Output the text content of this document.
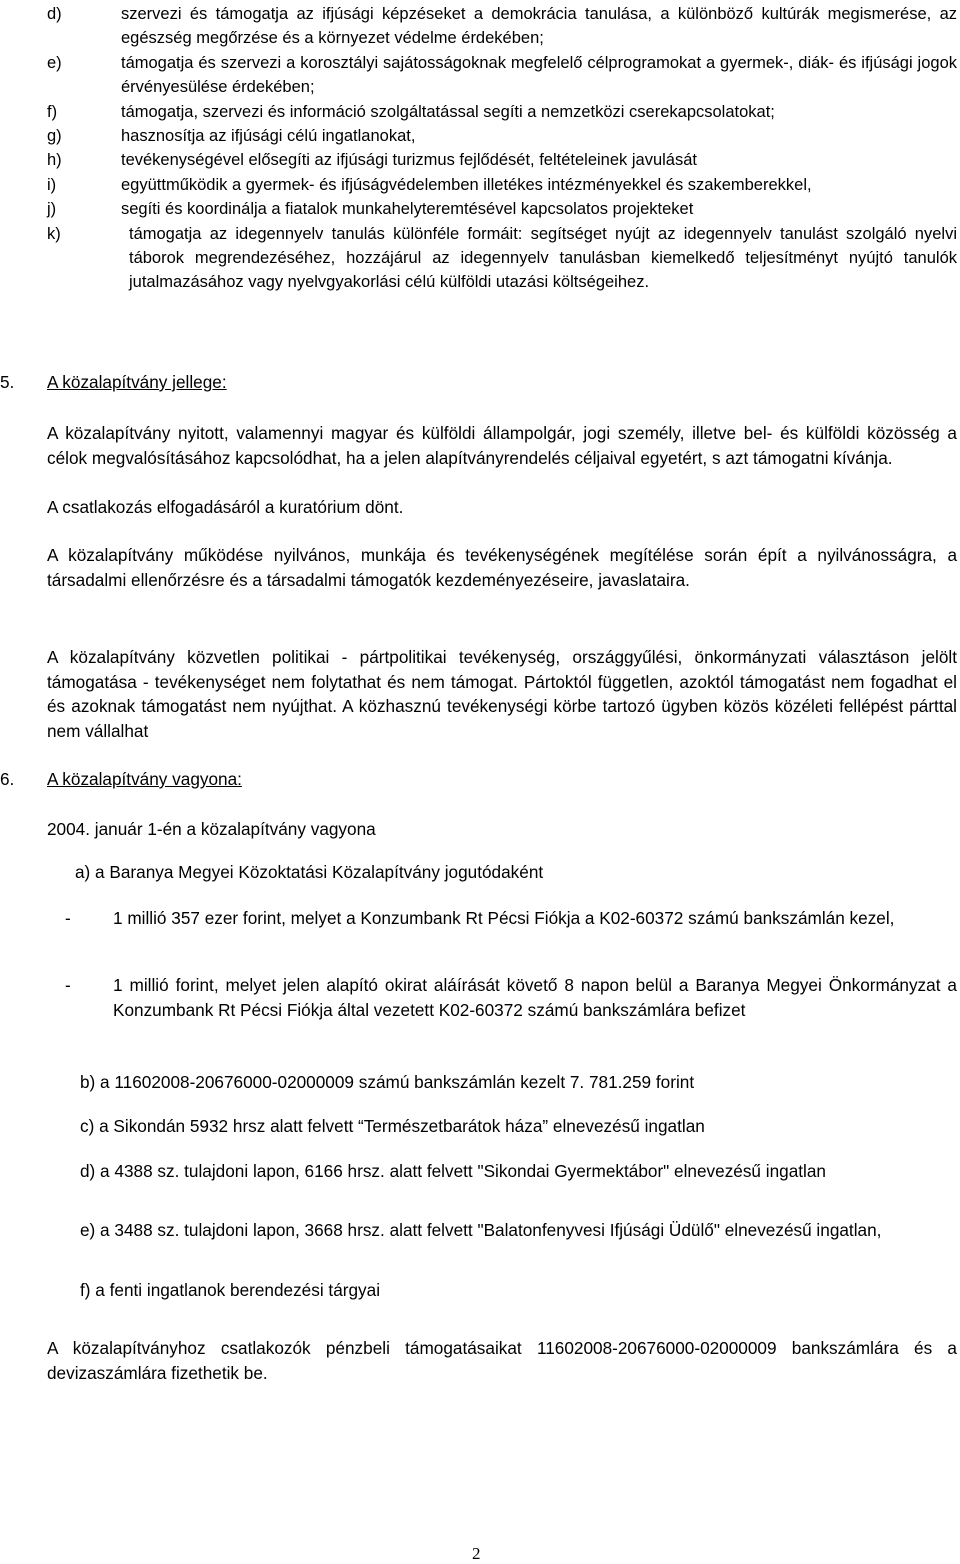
d)	szervezi és támogatja az ifjúsági képzéseket a demokrácia tanulása, a különböző kultúrák megismerése, az egészség megőrzése és a környezet védelme érdekében;
e)	támogatja és szervezi a korosztályi sajátosságoknak megfelelő célprogramokat a gyermek-, diák- és ifjúsági jogok érvényesülése érdekében;
f)	támogatja, szervezi és információ szolgáltatással segíti a nemzetközi cserekapcsolatokat;
g)	hasznosítja az ifjúsági célú ingatlanokat,
h)	tevékenységével elősegíti az ifjúsági turizmus fejlődését, feltételeinek javulását
i)	együttműködik a gyermek- és ifjúságvédelemben illetékes intézményekkel és szakemberekkel,
j)	segíti és koordinálja a fiatalok munkahelyteremtésével kapcsolatos projekteket
k)	támogatja az idegennyelv tanulás különféle formáit: segítséget nyújt az idegennyelv tanulást szolgáló nyelvi táborok megrendezéséhez, hozzájárul az idegennyelv tanulásban kiemelkedő teljesítményt nyújtó tanulók jutalmazásához vagy nyelvgyakorlási célú külföldi utazási költségeihez.
5. A közalapítvány jellege:
A közalapítvány nyitott, valamennyi magyar és külföldi állampolgár, jogi személy, illetve bel- és külföldi közösség a célok megvalósításához kapcsolódhat, ha a jelen alapítványrendelés céljaival egyetért, s azt támogatni kívánja.
A csatlakozás elfogadásáról a kuratórium dönt.
A közalapítvány működése nyilvános, munkája és tevékenységének megítélése során épít a nyilvánosságra, a társadalmi ellenőrzésre és a társadalmi támogatók kezdeményezéseire, javaslataira.
A közalapítvány közvetlen politikai - pártpolitikai tevékenység, országgyűlési, önkormányzati választáson jelölt támogatása - tevékenységet nem folytathat és nem támogat. Pártoktól független, azoktól támogatást nem fogadhat el és azoknak támogatást nem nyújthat. A közhasznú tevékenységi körbe tartozó ügyben közös közéleti fellépést párttal nem vállalhat
6. A közalapítvány vagyona:
2004. január 1-én a közalapítvány vagyona
a) a Baranya Megyei Közoktatási Közalapítvány jogutódaként
-	1 millió 357 ezer forint, melyet a Konzumbank Rt Pécsi Fiókja a K02-60372 számú bankszámlán kezel,
-	1 millió forint, melyet jelen alapító okirat aláírását követő 8 napon belül a Baranya Megyei Önkormányzat a Konzumbank Rt Pécsi Fiókja által vezetett K02-60372 számú bankszámlára befizet
b) a 11602008-20676000-02000009 számú bankszámlán kezelt 7. 781.259 forint
c) a Sikondán 5932 hrsz alatt felvett “Természetbarátok háza” elnevezésű ingatlan
d) a 4388 sz. tulajdoni lapon, 6166 hrsz. alatt felvett "Sikondai Gyermektábor" elnevezésű ingatlan
e) a 3488 sz. tulajdoni lapon, 3668 hrsz. alatt felvett "Balatonfenyvesi Ifjúsági Üdülő" elnevezésű ingatlan,
f) a fenti ingatlanok berendezési tárgyai
A közalapítványhoz csatlakozók pénzbeli támogatásaikat 11602008-20676000-02000009 bankszámlára és a devizaszámlára fizethetik be.
2
